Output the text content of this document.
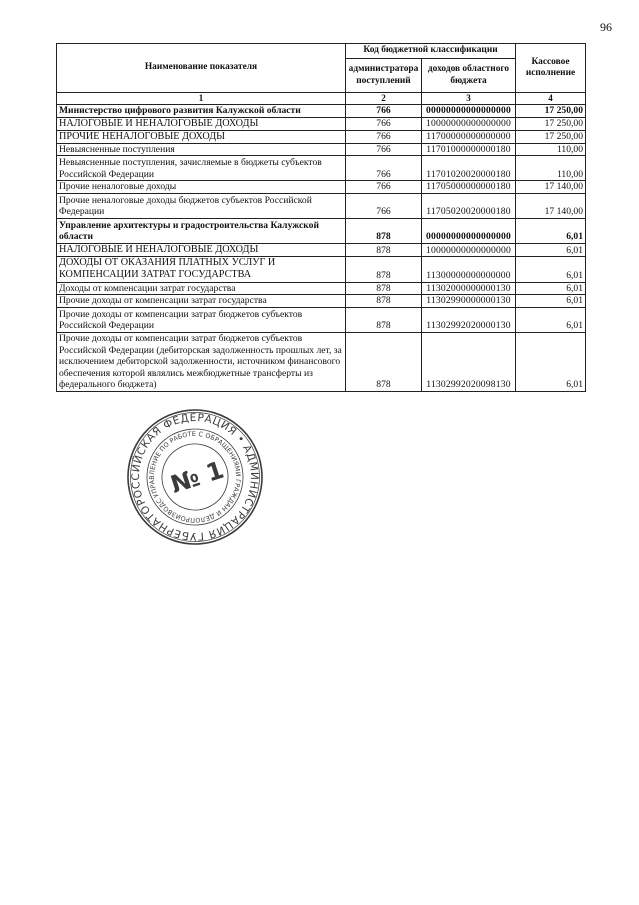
96
Наименование показателя	Код бюджетной классификации		Кассовое исполнение
	администратора поступлений	доходов областного бюджета	
1	2	3	4
Министерство цифрового развития Калужской области	766	00000000000000000	17 250,00
НАЛОГОВЫЕ И НЕНАЛОГОВЫЕ ДОХОДЫ	766	10000000000000000	17 250,00
ПРОЧИЕ НЕНАЛОГОВЫЕ ДОХОДЫ	766	11700000000000000	17 250,00
Невыясненные поступления	766	11701000000000180	110,00
Невыясненные поступления, зачисляемые в бюджеты субъектов Российской Федерации	766	11701020020000180	110,00
Прочие неналоговые доходы	766	11705000000000180	17 140,00
Прочие неналоговые доходы бюджетов субъектов Российской Федерации	766	11705020020000180	17 140,00
Управление архитектуры и градостроительства Калужской области	878	00000000000000000	6,01
НАЛОГОВЫЕ И НЕНАЛОГОВЫЕ ДОХОДЫ	878	10000000000000000	6,01
ДОХОДЫ ОТ ОКАЗАНИЯ ПЛАТНЫХ УСЛУГ И КОМПЕНСАЦИИ ЗАТРАТ ГОСУДАРСТВА	878	11300000000000000	6,01
Доходы от компенсации затрат государства	878	11302000000000130	6,01
Прочие доходы от компенсации затрат государства	878	11302990000000130	6,01
Прочие доходы от компенсации затрат бюджетов субъектов Российской Федерации	878	11302992020000130	6,01
Прочие доходы от компенсации затрат бюджетов субъектов Российской Федерации (дебиторская задолженность прошлых лет, за исключением дебиторской задолженности, источником финансового обеспечения которой являлись межбюджетные трансферты из федерального бюджета)	878	11302992020098130	6,01
РОССИЙСКАЯ ФЕДЕРАЦИЯ • АДМИНИСТРАЦИЯ ГУБЕРНАТОРА
УПРАВЛЕНИЕ ПО РАБОТЕ С ОБРАЩЕНИЯМИ ГРАЖДАН И ДЕЛОПРОИЗВОДСТВУ
№ 1
